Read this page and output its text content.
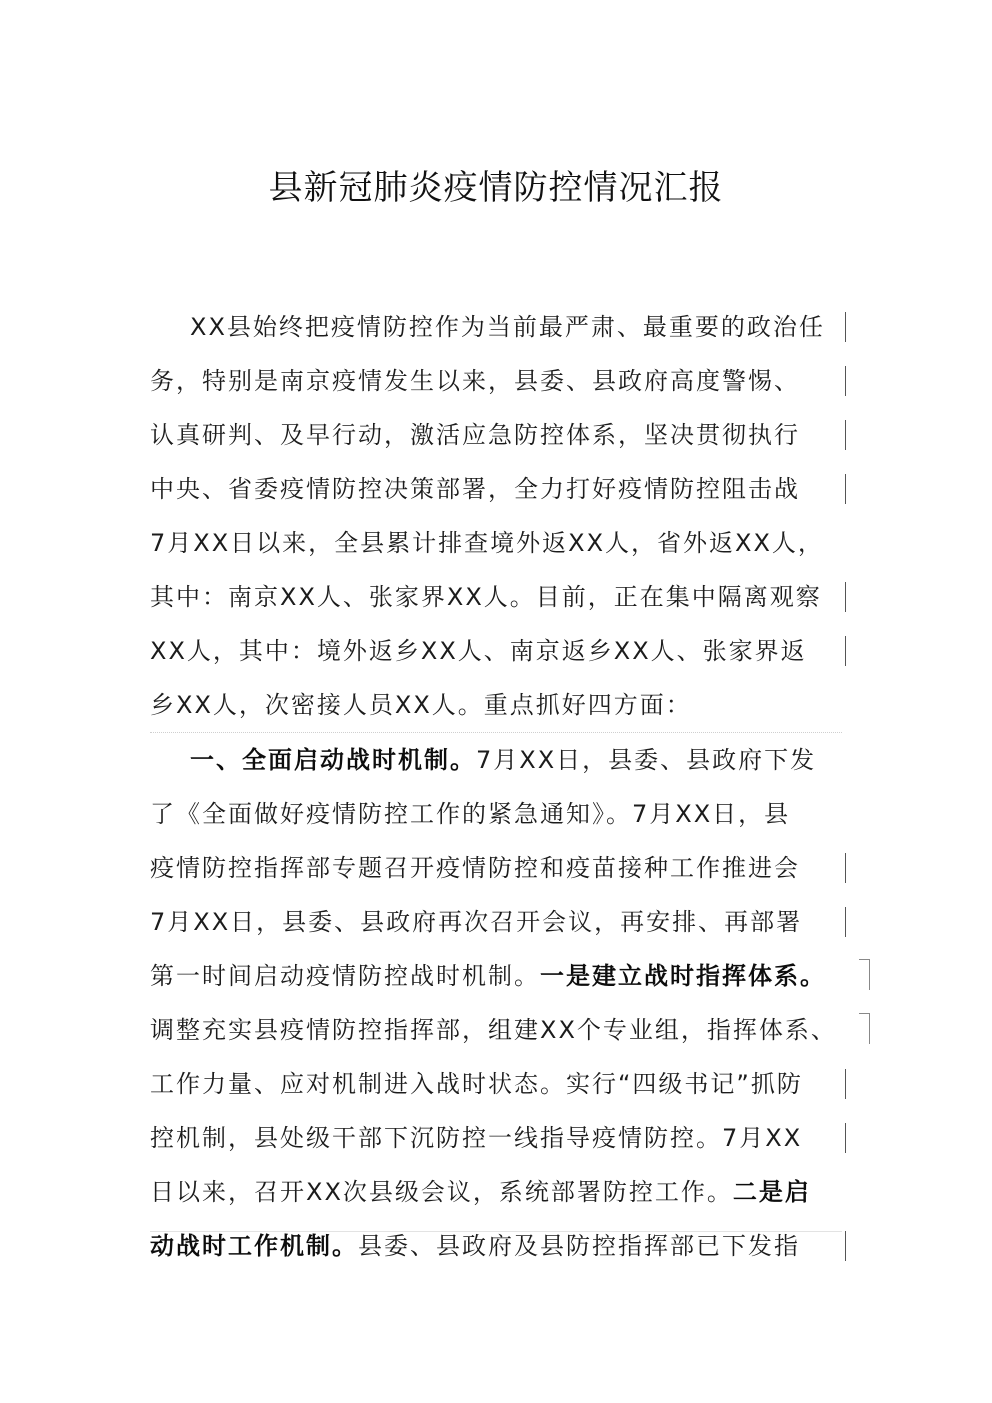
县新冠肺炎疫情防控情况汇报
XX县始终把疫情防控作为当前最严肃、最重要的政治任
务，特别是南京疫情发生以来，县委、县政府高度警惕、
认真研判、及早行动，激活应急防控体系，坚决贯彻执行
中央、省委疫情防控决策部署，全力打好疫情防控阻击战
7月XX日以来，全县累计排查境外返XX人，省外返XX人，
其中：南京XX人、张家界XX人。目前，正在集中隔离观察
XX人，其中：境外返乡XX人、南京返乡XX人、张家界返
乡XX人，次密接人员XX人。重点抓好四方面：
一、全面启动战时机制。7月XX日，县委、县政府下发
了《全面做好疫情防控工作的紧急通知》。7月XX日，县
疫情防控指挥部专题召开疫情防控和疫苗接种工作推进会
7月XX日，县委、县政府再次召开会议，再安排、再部署
第一时间启动疫情防控战时机制。一是建立战时指挥体系。
调整充实县疫情防控指挥部，组建XX个专业组，指挥体系、
工作力量、应对机制进入战时状态。实行“四级书记”抓防
控机制，县处级干部下沉防控一线指导疫情防控。7月XX
日以来，召开XX次县级会议，系统部署防控工作。二是启
动战时工作机制。县委、县政府及县防控指挥部已下发指
